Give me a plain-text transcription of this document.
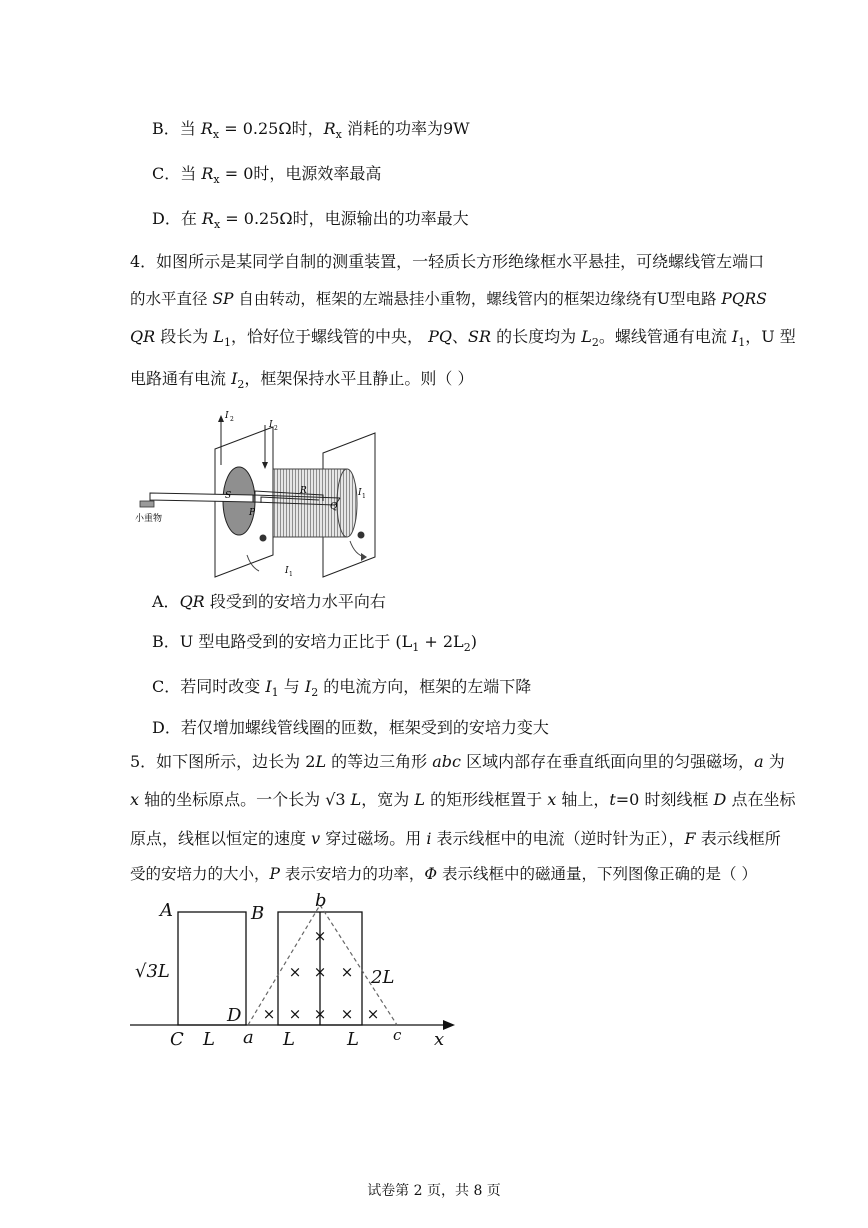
B．当 $R_x = 0.25\Omega$时，$R_x$ 消耗的功率为9W
C．当 $R_x = 0$时，电源效率最高
D．在 $R_x = 0.25\Omega$时，电源输出的功率最大
4．如图所示是某同学自制的测重装置，一轻质长方形绝缘框水平悬挂，可绕螺线管左端口
的水平直径 SP 自由转动，框架的左端悬挂小重物，螺线管内的框架边缘绕有U型电路 PQRS
QR 段长为 $L_1$，恰好位于螺线管的中央， PQ、SR 的长度均为 $L_2$。螺线管通有电流 $I_1$，U 型
电路通有电流 $I_2$，框架保持水平且静止。则（ ）
I 2
I 2
S
P
R
Q
I 1
小重物
I 1
A．QR 段受到的安培力水平向右
B．U 型电路受到的安培力正比于 $(L_1 + 2L_2)$
C．若同时改变 $I_1$ 与 $I_2$ 的电流方向，框架的左端下降
D．若仅增加螺线管线圈的匝数，框架受到的安培力变大
5．如下图所示，边长为 2L 的等边三角形 abc 区域内部存在垂直纸面向里的匀强磁场，a 为
x 轴的坐标原点。一个长为 √3 L，宽为 L 的矩形线框置于 x 轴上，t=0 时刻线框 D 点在坐标
原点，线框以恒定的速度 v 穿过磁场。用 i 表示线框中的电流（逆时针为正），F 表示线框所
受的安培力的大小，P 表示安培力的功率，Φ 表示线框中的磁通量，下列图像正确的是（ ）
×
× × ×
× × × × ×
A	B
b
√3L	2L
D
C L a L	L c x
试卷第 2 页，共 8 页
